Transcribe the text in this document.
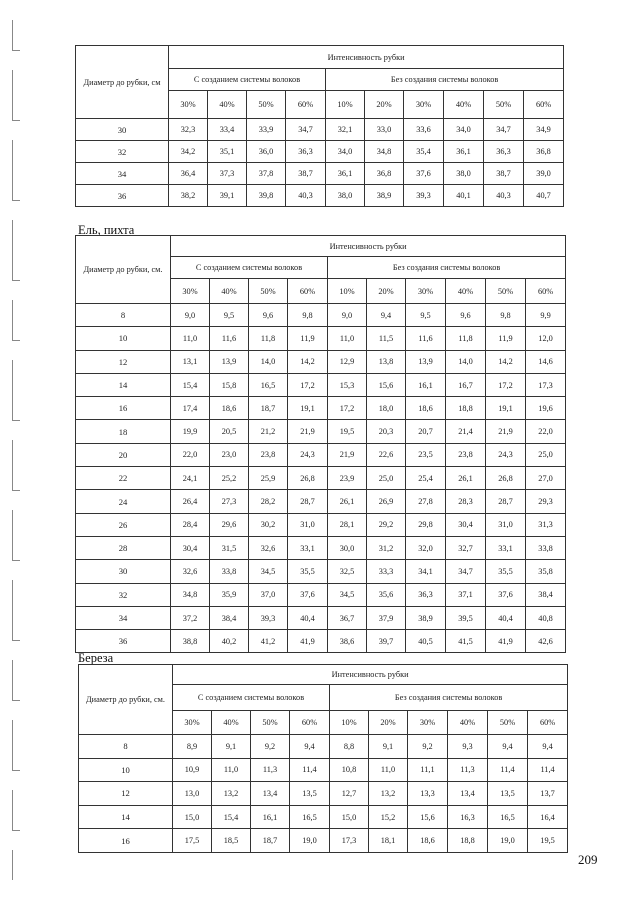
Диаметр до рубки, см	Интенсивность рубки									
	С созданием системы волоков				Без создания системы волоков					
	30%	40%	50%	60%	10%	20%	30%	40%	50%	60%
30	32,3	33,4	33,9	34,7	32,1	33,0	33,6	34,0	34,7	34,9
32	34,2	35,1	36,0	36,3	34,0	34,8	35,4	36,1	36,3	36,8
34	36,4	37,3	37,8	38,7	36,1	36,8	37,6	38,0	38,7	39,0
36	38,2	39,1	39,8	40,3	38,0	38,9	39,3	40,1	40,3	40,7
Ель, пихта
Диаметр до рубки, см.	Интенсивность рубки									
	С созданием системы волоков				Без создания системы волоков					
	30%	40%	50%	60%	10%	20%	30%	40%	50%	60%
8	9,0	9,5	9,6	9,8	9,0	9,4	9,5	9,6	9,8	9,9
10	11,0	11,6	11,8	11,9	11,0	11,5	11,6	11,8	11,9	12,0
12	13,1	13,9	14,0	14,2	12,9	13,8	13,9	14,0	14,2	14,6
14	15,4	15,8	16,5	17,2	15,3	15,6	16,1	16,7	17,2	17,3
16	17,4	18,6	18,7	19,1	17,2	18,0	18,6	18,8	19,1	19,6
18	19,9	20,5	21,2	21,9	19,5	20,3	20,7	21,4	21,9	22,0
20	22,0	23,0	23,8	24,3	21,9	22,6	23,5	23,8	24,3	25,0
22	24,1	25,2	25,9	26,8	23,9	25,0	25,4	26,1	26,8	27,0
24	26,4	27,3	28,2	28,7	26,1	26,9	27,8	28,3	28,7	29,3
26	28,4	29,6	30,2	31,0	28,1	29,2	29,8	30,4	31,0	31,3
28	30,4	31,5	32,6	33,1	30,0	31,2	32,0	32,7	33,1	33,8
30	32,6	33,8	34,5	35,5	32,5	33,3	34,1	34,7	35,5	35,8
32	34,8	35,9	37,0	37,6	34,5	35,6	36,3	37,1	37,6	38,4
34	37,2	38,4	39,3	40,4	36,7	37,9	38,9	39,5	40,4	40,8
36	38,8	40,2	41,2	41,9	38,6	39,7	40,5	41,5	41,9	42,6
Береза
Диаметр до рубки, см.	Интенсивность рубки									
	С созданием системы волоков				Без создания системы волоков					
	30%	40%	50%	60%	10%	20%	30%	40%	50%	60%
8	8,9	9,1	9,2	9,4	8,8	9,1	9,2	9,3	9,4	9,4
10	10,9	11,0	11,3	11,4	10,8	11,0	11,1	11,3	11,4	11,4
12	13,0	13,2	13,4	13,5	12,7	13,2	13,3	13,4	13,5	13,7
14	15,0	15,4	16,1	16,5	15,0	15,2	15,6	16,3	16,5	16,4
16	17,5	18,5	18,7	19,0	17,3	18,1	18,6	18,8	19,0	19,5
209
